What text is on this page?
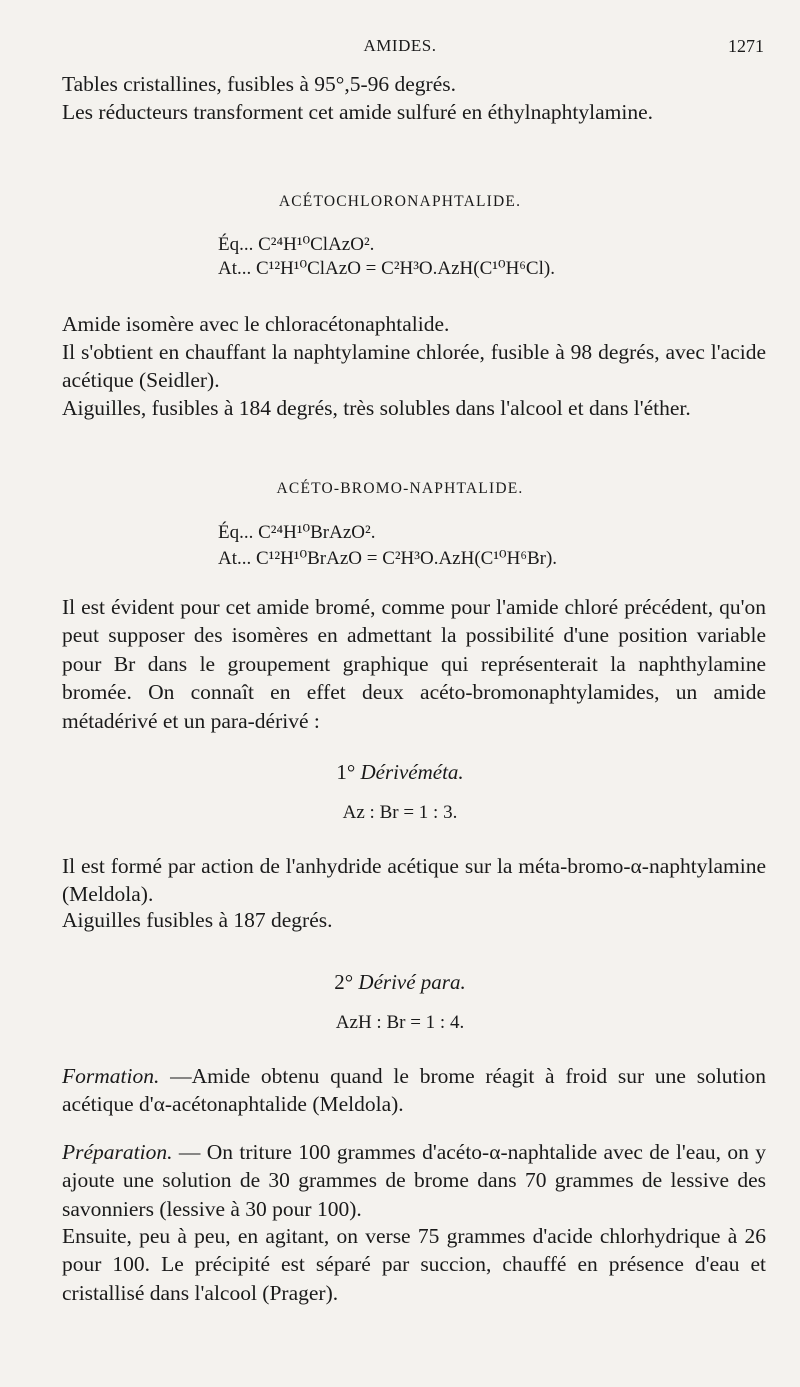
AMIDES.	1271
Tables cristallines, fusibles à 95°,5-96 degrés.
Les réducteurs transforment cet amide sulfuré en éthylnaphtylamine.
ACÉTOCHLORONAPHTALIDE.
Éq... C²⁴H¹⁰ClAzO².
At... C¹²H¹⁰ClAzO = C²H³O.AzH(C¹⁰H⁶Cl).
Amide isomère avec le chloracétonaphtalide.
Il s'obtient en chauffant la naphtylamine chlorée, fusible à 98 degrés, avec l'acide acétique (Seidler).
Aiguilles, fusibles à 184 degrés, très solubles dans l'alcool et dans l'éther.
ACÉTO-BROMO-NAPHTALIDE.
Éq... C²⁴H¹⁰BrAzO².
At... C¹²H¹⁰BrAzO = C²H³O.AzH(C¹⁰H⁶Br).
Il est évident pour cet amide bromé, comme pour l'amide chloré précédent, qu'on peut supposer des isomères en admettant la possibilité d'une position variable pour Br dans le groupement graphique qui représenterait la naphthylamine bromée. On connaît en effet deux acéto-bromonaphtylamides, un amide métadérivé et un para-dérivé :
1° Dérivéméta.
Az : Br = 1 : 3.
Il est formé par action de l'anhydride acétique sur la méta-bromo-α-naphtylamine (Meldola).
Aiguilles fusibles à 187 degrés.
2° Dérivé para.
AzH : Br = 1 : 4.
Formation. —Amide obtenu quand le brome réagit à froid sur une solution acétique d'α-acétonaphtalide (Meldola).
Préparation. — On triture 100 grammes d'acéto-α-naphtalide avec de l'eau, on y ajoute une solution de 30 grammes de brome dans 70 grammes de lessive des savonniers (lessive à 30 pour 100).
Ensuite, peu à peu, en agitant, on verse 75 grammes d'acide chlorhydrique à 26 pour 100. Le précipité est séparé par succion, chauffé en présence d'eau et cristallisé dans l'alcool (Prager).
